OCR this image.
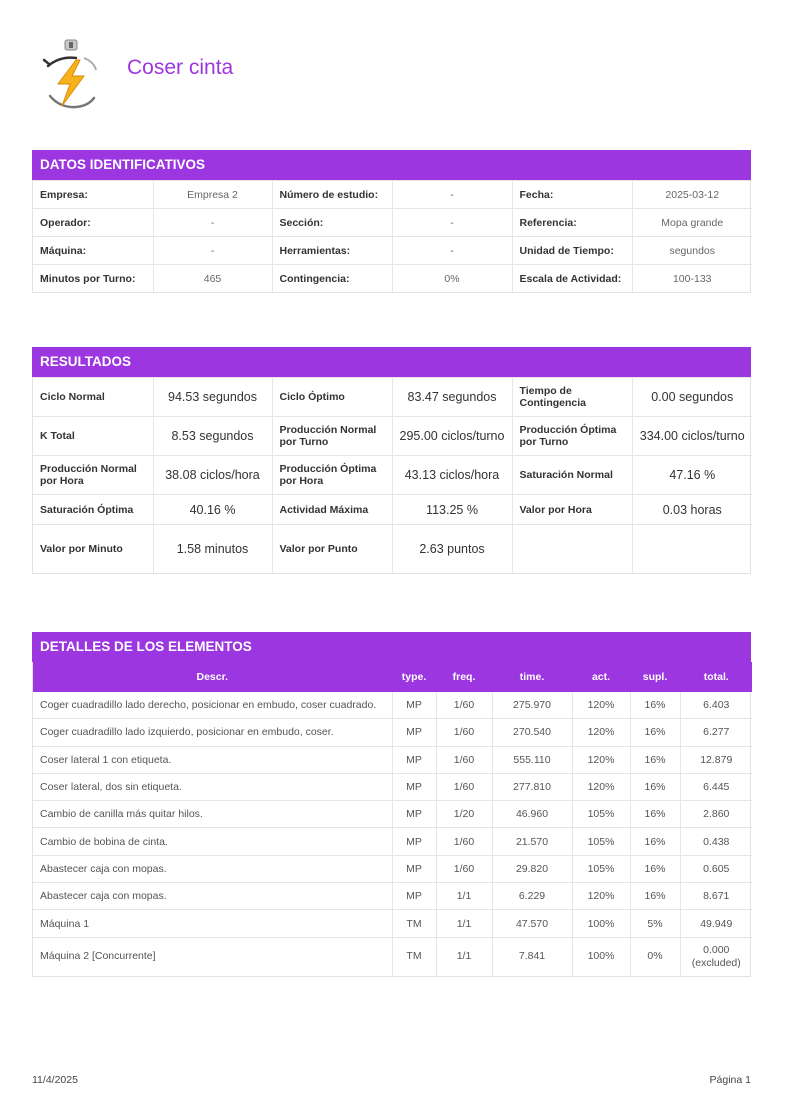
Coser cinta
DATOS IDENTIFICATIVOS
Empresa:	Empresa 2	Número de estudio:	-	Fecha:	2025-03-12
Operador:	-	Sección:	-	Referencia:	Mopa grande
Máquina:	-	Herramientas:	-	Unidad de Tiempo:	segundos
Minutos por Turno:	465	Contingencia:	0%	Escala de Actividad:	100-133
RESULTADOS
Ciclo Normal	94.53 segundos	Ciclo Óptimo	83.47 segundos	Tiempo de Contingencia	0.00 segundos
K Total	8.53 segundos	Producción Normal por Turno	295.00 ciclos/turno	Producción Óptima por Turno	334.00 ciclos/turno
Producción Normal por Hora	38.08 ciclos/hora	Producción Óptima por Hora	43.13 ciclos/hora	Saturación Normal	47.16 %
Saturación Óptima	40.16 %	Actividad Máxima	113.25 %	Valor por Hora	0.03 horas
Valor por Minuto	1.58 minutos	Valor por Punto	2.63 puntos		
DETALLES DE LOS ELEMENTOS
Descr.	type.	freq.	time.	act.	supl.	total.
Coger cuadradillo lado derecho, posicionar en embudo, coser cuadrado.	MP	1/60	275.970	120%	16%	6.403
Coger cuadradillo lado izquierdo, posicionar en embudo, coser.	MP	1/60	270.540	120%	16%	6.277
Coser lateral 1 con etiqueta.	MP	1/60	555.110	120%	16%	12.879
Coser lateral, dos sin etiqueta.	MP	1/60	277.810	120%	16%	6.445
Cambio de canilla más quitar hilos.	MP	1/20	46.960	105%	16%	2.860
Cambio de bobina de cinta.	MP	1/60	21.570	105%	16%	0.438
Abastecer caja con mopas.	MP	1/60	29.820	105%	16%	0.605
Abastecer caja con mopas.	MP	1/1	6.229	120%	16%	8.671
Máquina 1	TM	1/1	47.570	100%	5%	49.949
Máquina 2 [Concurrente]	TM	1/1	7.841	100%	0%	0.000
(excluded)
11/4/2025	Página 1
